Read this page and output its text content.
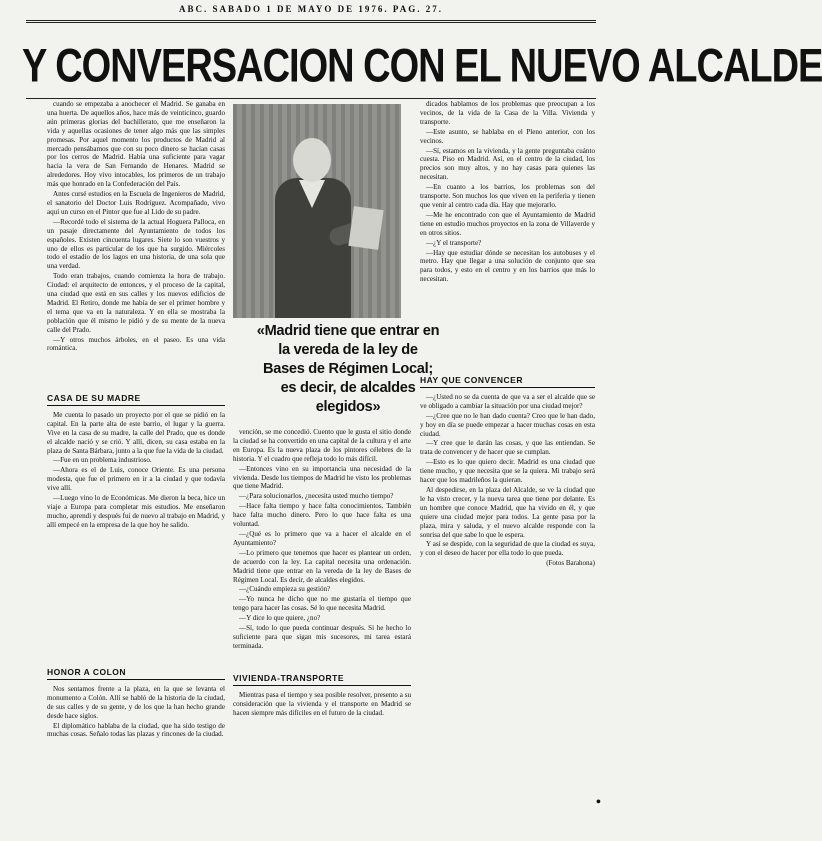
ABC. SABADO 1 DE MAYO DE 1976. PAG. 27.
Y CONVERSACION CON EL NUEVO ALCALDE

cuando se empezaba a anochecer el Madrid. Se ganaba en una huerta. De aquellos años, hace más de veinticinco, guardo aún primeras glorias del bachillerato, que me enseñaron la vida y aquellas ocasiones de tener algo más que las simples promesas. Por aquel momento los productos de Madrid al mercado pensábamos que con su poco dinero se hacían casas por los cerros de Madrid. Había una suficiente para vagar hacia la vera de San Fernando de Henares. Madrid se alrededores. Hoy vivo intocables, los primeros de un trabajo más que honrado en la Confederación del País.

Antes cursé estudios en la Escuela de Ingenieros de Madrid, el sanatorio del Doctor Luis Rodríguez. Acompañado, vivo aquí un curso en el Pintor que fue al Lido de su padre.

—Recordé todo el sistema de la actual Hoguera Palloca, en un pasaje directamente del Ayuntamiento de todos los españoles. Existen cincuenta lugares. Siete lo son vuestros y uno de ellos es particular de los que ha surgido. Miércoles todo el estadio de los lagos en una historia, de una sola que una verdad.

Todo eran trabajos, cuando comienza la hora de trabajo. Ciudad: el arquitecto de entonces, y el proceso de la capital, una ciudad que está en sus calles y los nuevos edificios de Madrid. El Retiro, donde me había de ser el primer hombre y el tema que va en la naturaleza. Y en ella se mostraba la población que él mismo le pidió y de su mente de la nueva calle del Prado.

—Y otros muchos árboles, en el paseo. Es una vida romántica.

CASA DE SU MADRE

Me cuenta lo pasado un proyecto por el que se pidió en la capital. En la parte alta de este barrio, el lugar y la guerra. Vive en la casa de su madre, la calle del Prado, que es donde el alcalde nació y se crió. Y allí, dicen, su casa estaba en la plaza de Santa Bárbara, junto a la que fue la vida de la ciudad.

—Fue en un problema industrioso.

—Ahora es el de Luis, conoce Oriente. Es una persona modesta, que fue el primero en ir a la ciudad y que todavía vive allí.

—Luego vino lo de Económicas. Me dieron la beca, hice un viaje a Europa para completar mis estudios. Me enseñaron mucho, aprendí y después fui de nuevo al trabajo en Madrid, y allí empecé en la empresa de la que hoy he salido.

HONOR A COLON

Nos sentamos frente a la plaza, en la que se levanta el monumento a Colón. Allí se habló de la historia de la ciudad, de sus calles y de su gente, y de los que la han hecho grande desde hace siglos.

El diplomático hablaba de la ciudad, que ha sido testigo de muchas cosas. Señalo todas las plazas y rincones de la ciudad.

«Madrid tiene que entrar en la vereda de la ley de Bases de Régimen Local; es decir, de alcaldes elegidos»

vención, se me concedió. Cuento que le gusta el sitio donde la ciudad se ha convertido en una capital de la cultura y el arte en Europa. Es la nueva plaza de los pintores célebres de la historia. Y el cuadro que refleja todo lo más difícil.

—Entonces vino en su importancia una necesidad de la vivienda. Desde los tiempos de Madrid he visto los problemas que tiene Madrid.

—¿Para solucionarlos, ¿necesita usted mucho tiempo?

—Hace falta tiempo y hace falta conocimientos. También hace falta mucho dinero. Pero lo que hace falta es una voluntad.

—¿Qué es lo primero que va a hacer el alcalde en el Ayuntamiento?

—Lo primero que tenemos que hacer es plantear un orden, de acuerdo con la ley. La capital necesita una ordenación. Madrid tiene que entrar en la vereda de la ley de Bases de Régimen Local. Es decir, de alcaldes elegidos.

—¿Cuándo empieza su gestión?

—Yo nunca he dicho que no me gustaría el tiempo que tengo para hacer las cosas. Sé lo que necesita Madrid.

—Y dice lo que quiere, ¿no?

—Sí, todo lo que pueda continuar después. Si he hecho lo suficiente para que sigan mis sucesores, mi tarea estará terminada.

VIVIENDA-TRANSPORTE

Mientras pasa el tiempo y sea posible resolver, presento a su consideración que la vivienda y el transporte en Madrid se hacen siempre más difíciles en el futuro de la ciudad.

dicados hablamos de los problemas que preocupan a los vecinos, de la vida de la Casa de la Villa. Vivienda y transporte.

—Este asunto, se hablaba en el Pleno anterior, con los vecinos.

—Sí, estamos en la vivienda, y la gente preguntaba cuánto cuesta. Piso en Madrid. Así, en el centro de la ciudad, los precios son muy altos, y no hay casas para quienes las necesitan.

—En cuanto a los barrios, los problemas son del transporte. Son muchos los que viven en la periferia y tienen que venir al centro cada día. Hay que mejorarlo.

—Me he encontrado con que el Ayuntamiento de Madrid tiene en estudio muchos proyectos en la zona de Villaverde y en otros sitios.

—¿Y el transporte?

—Hay que estudiar dónde se necesitan los autobuses y el metro. Hay que llegar a una solución de conjunto que sea para todos, y esto en el centro y en los barrios que más lo necesitan.

HAY QUE CONVENCER

—¿Usted no se da cuenta de que va a ser el alcalde que se ve obligado a cambiar la situación por una ciudad mejor?

—¿Cree que no le han dado cuenta? Creo que le han dado, y hoy en día se puede empezar a hacer muchas cosas en esta ciudad.

—Y cree que le darán las cosas, y que las entiendan. Se trata de convencer y de hacer que se cumplan.

—Esto es lo que quiero decir. Madrid es una ciudad que tiene mucho, y que necesita que se la quiera. Mi trabajo será hacer que los madrileños la quieran.

Al despedirse, en la plaza del Alcalde, se ve la ciudad que le ha visto crecer, y la nueva tarea que tiene por delante. Es un hombre que conoce Madrid, que ha vivido en él, y que quiere una ciudad mejor para todos. La gente pasa por la plaza, mira y saluda, y el nuevo alcalde responde con la sonrisa del que sabe lo que le espera.

Y así se despide, con la seguridad de que la ciudad es suya, y con el deseo de hacer por ella todo lo que pueda.

(Fotos Barahona)

•
